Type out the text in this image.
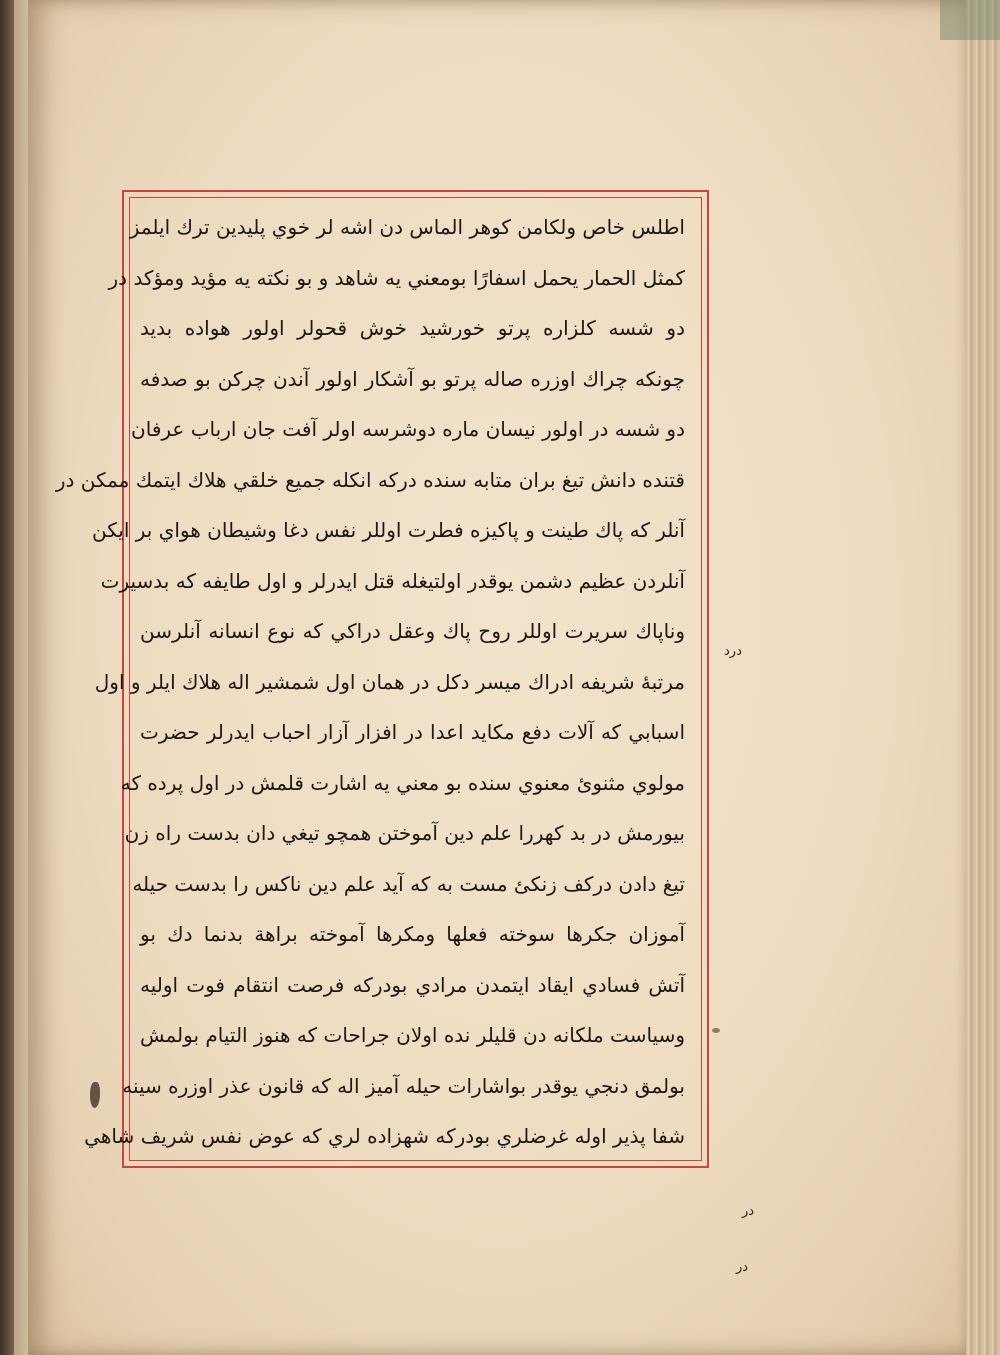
اطلس خاص ولكامن كوهر الماس دن اشه لر خوي پليدين ترك ايلمز
كمثل الحمار يحمل اسفارًا بومعني يه شاهد و بو نكته يه مؤيد ومؤكد در
دو شسه كلزاره پرتو خورشيد خوش قحولر اولور هواده بديد
چونكه چراك اوزره صاله پرتو بو آشكار اولور آندن چركن بو صدفه
دو شسه در اولور نيسان ماره دوشرسه اولر آفت جان ارباب عرفان
قتنده دانش تيغ بران متابه سنده دركه انكله جميع خلقي هلاك ايتمك ممكن در
آنلر كه پاك طينت و پاكيزه فطرت اوللر نفس دغا وشيطان هواي بر ايكن
آنلردن عظيم دشمن يوقدر اولتيغله قتل ايدرلر و اول طايفه كه بدسيرت
وناپاك سريرت اوللر روح پاك وعقل دراكي كه نوع انسانه آنلرسن
مرتبهٔ شريفه ادراك ميسر دكل در همان اول شمشير اله هلاك ايلر و اول
اسبابي كه آلات دفع مكايد اعدا در افزار آزار احباب ايدرلر حضرت
مولوي مثنوئ معنوي سنده بو معني يه اشارت قلمش در اول پرده كه
بيورمش در بد كهررا علم دين آموختن همچو تيغي دان بدست راه زن
تيغ دادن دركف زنكئ مست به كه آيد علم دين ناكس را بدست حيله
آموزان جكرها سوخته فعلها ومكرها آموخته براهة بدنما دك بو
آتش فسادي ايقاد ايتمدن مرادي بودركه فرصت انتقام فوت اوليه
وسياست ملكانه دن قليلر نده اولان جراحات كه هنوز التيام بولمش
بولمق دنجي يوقدر بواشارات حيله آميز اله كه قانون عذر اوزره سينه
شفا پذير اوله غرضلري بودركه شهزاده لري كه عوض نفس شريف شاهي
درد
در
در
